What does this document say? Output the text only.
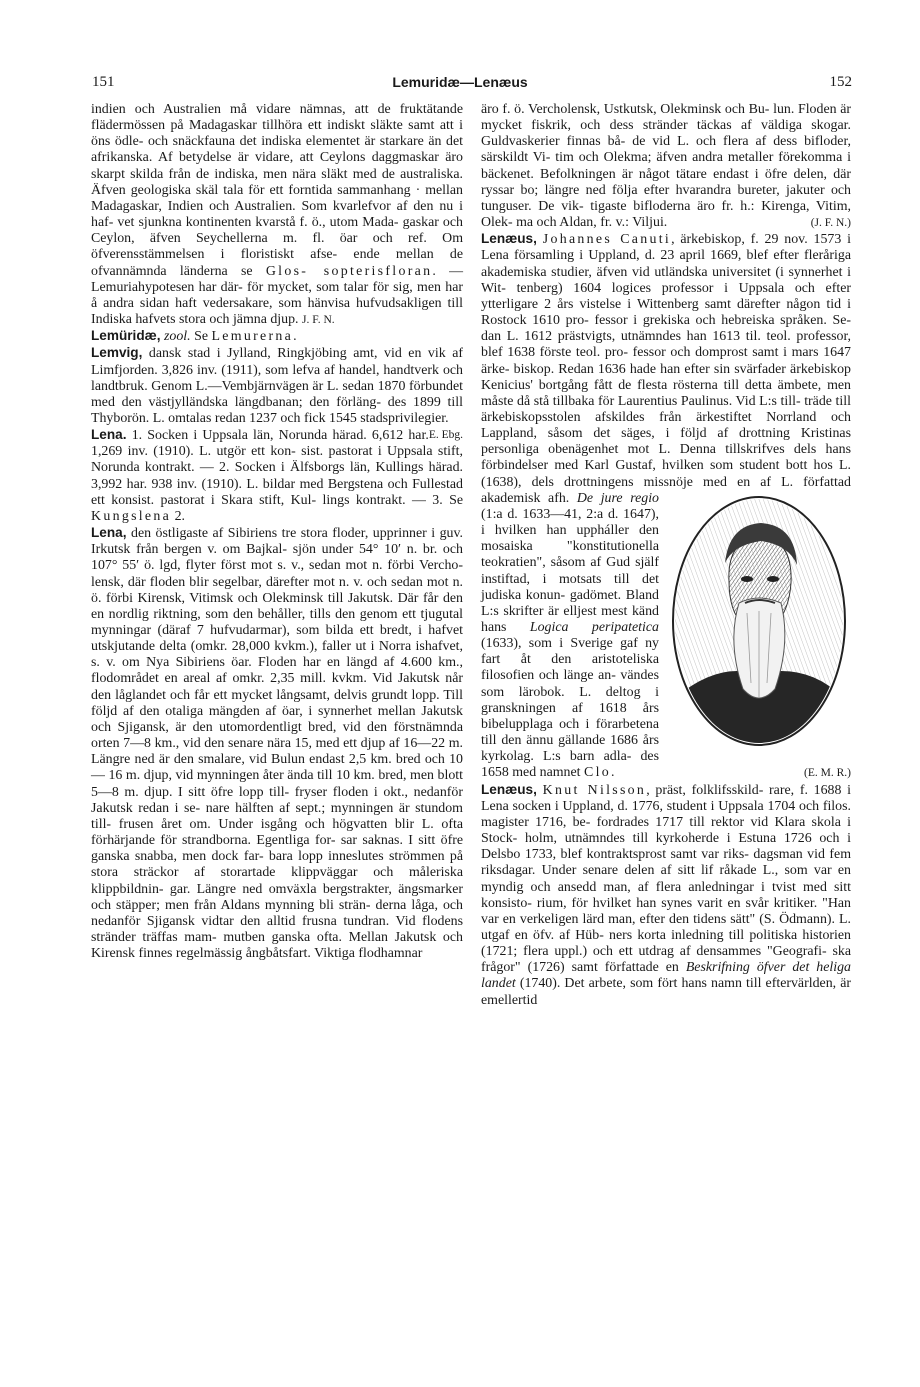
151	Lemuridæ—Lenæus	152

indien och Australien må vidare nämnas, att de fruktätande flädermössen på Madagaskar tillhöra ett indiskt släkte samt att i öns ödle- och snäckfauna det indiska elementet är starkare än det afrikanska. Af betydelse är vidare, att Ceylons daggmaskar äro skarpt skilda från de indiska, men nära släkt med de australiska. Äfven geologiska skäl tala för ett forntida sammanhang · mellan Madagaskar, Indien och Australien. Som kvarlefvor af den nu i haf- vet sjunkna kontinenten kvarstå f. ö., utom Mada- gaskar och Ceylon, äfven Seychellerna m. fl. öar och ref. Om öfverensstämmelsen i floristiskt afse- ende mellan de ofvannämnda länderna se Glos- sopterisfloran. — Lemuriahypotesen har där- för mycket, som talar för sig, men har å andra sidan haft vedersakare, som hänvisa hufvudsakligen till Indiska hafvets stora och jämna djup. J. F. N.

Lemüridæ, zool. Se Lemurerna.

Lemvig, dansk stad i Jylland, Ringkjöbing amt, vid en vik af Limfjorden. 3,826 inv. (1911), som lefva af handel, handtverk och landtbruk. Genom L.—Vembjärnvägen är L. sedan 1870 förbundet med den västjylländska längdbanan; den förläng- des 1899 till Thyborön. L. omtalas redan 1237 och fick 1545 stadsprivilegier.
E. Ebg.

Lena. 1. Socken i Uppsala län, Norunda härad. 6,612 har. 1,269 inv. (1910). L. utgör ett kon- sist. pastorat i Uppsala stift, Norunda kontrakt. — 2. Socken i Älfsborgs län, Kullings härad. 3,992 har. 938 inv. (1910). L. bildar med Bergstena och Fullestad ett konsist. pastorat i Skara stift, Kul- lings kontrakt. — 3. Se Kungslena 2.

Lena, den östligaste af Sibiriens tre stora floder, upprinner i guv. Irkutsk från bergen v. om Bajkal- sjön under 54° 10′ n. br. och 107° 55′ ö. lgd, flyter först mot s. v., sedan mot n. förbi Vercho- lensk, där floden blir segelbar, därefter mot n. v. och sedan mot n. ö. förbi Kirensk, Vitimsk och Olekminsk till Jakutsk. Där får den en nordlig riktning, som den behåller, tills den genom ett tjugutal mynningar (däraf 7 hufvudarmar), som bilda ett bredt, i hafvet utskjutande delta (omkr. 28,000 kvkm.), faller ut i Norra ishafvet, s. v. om Nya Sibiriens öar. Floden har en längd af 4.600 km., flodområdet en areal af omkr. 2,35 mill. kvkm. Vid Jakutsk når den låglandet och får ett mycket långsamt, delvis grundt lopp. Till följd af den otaliga mängden af öar, i synnerhet mellan Jakutsk och Sjigansk, är den utomordentligt bred, vid den förstnämnda orten 7—8 km., vid den senare nära 15, med ett djup af 16—22 m. Längre ned är den smalare, vid Bulun endast 2,5 km. bred och 10— 16 m. djup, vid mynningen åter ända till 10 km. bred, men blott 5—8 m. djup. I sitt öfre lopp till- fryser floden i okt., nedanför Jakutsk redan i se- nare hälften af sept.; mynningen är stundom till- frusen året om. Under isgång och högvatten blir L. ofta förhärjande för strandborna. Egentliga for- sar saknas. I sitt öfre ganska snabba, men dock far- bara lopp inneslutes strömmen på stora sträckor af storartade klippväggar och måleriska klippbildnin- gar. Längre ned omväxla bergstrakter, ängsmarker och stäpper; men från Aldans mynning bli strän- derna låga, och nedanför Sjigansk vidtar den alltid frusna tundran. Vid flodens stränder träffas mam- mutben ganska ofta. Mellan Jakutsk och Kirensk finnes regelmässig ångbåtsfart. Viktiga flodhamnar

äro f. ö. Vercholensk, Ustkutsk, Olekminsk och Bu- lun. Floden är mycket fiskrik, och dess stränder täckas af väldiga skogar. Guldvaskerier finnas bå- de vid L. och flera af dess bifloder, särskildt Vi- tim och Olekma; äfven andra metaller förekomma i bäckenet. Befolkningen är något tätare endast i öfre delen, där ryssar bo; längre ned följa efter hvarandra bureter, jakuter och tunguser. De vik- tigaste bifloderna äro fr. h.: Kirenga, Vitim, Olek- ma och Aldan, fr. v.: Viljui.	(J. F. N.)

Lenæus, Johannes Canuti, ärkebiskop, f. 29 nov. 1573 i Lena församling i Uppland, d. 23 april 1669, blef efter fleråriga akademiska studier, äfven vid utländska universitet (i synnerhet i Wit- tenberg) 1604 logices professor i Uppsala och efter ytterligare 2 års vistelse i Wittenberg samt därefter någon tid i Rostock 1610 pro- fessor i grekiska och hebreiska språken. Se- dan L. 1612 prästvigts, utnämndes han 1613 til. teol. professor, blef 1638 förste teol. pro- fessor och domprost samt i mars 1647 ärke- biskop. Redan 1636 hade han efter sin svärfader ärkebiskop Kenicius' bortgång fått de flesta rösterna till detta ämbete, men måste då stå tillbaka för Laurentius Paulinus. Vid L:s till- träde till ärkebiskopsstolen afskildes från ärkestiftet Norrland och Lappland, såsom det säges, i följd af drottning Kristinas personliga obenägenhet mot L. Denna tillskrifves dels hans förbindelser med Karl Gustaf, hvilken som student bott hos L. (1638), dels drottningens missnöje med en af L. författad akademisk afh.
De jure regio (1:a d. 1633—41, 2:a d. 1647), i hvilken han uppháller den mosaiska "konstitutionella teokratien", såsom af Gud själf instiftad, i motsats till det judiska konun- gadömet. Bland L:s skrifter är elljest mest känd hans Logica peripatetica (1633), som i Sverige gaf ny fart åt den aristoteliska filosofien och länge an- vändes som lärobok. L. deltog i granskningen af 1618 års bibelupplaga och i förarbetena till den ännu gällande 1686 års kyrkolag. L:s barn adla- des 1658 med namnet Clo.	(E. M. R.)

Lenæus, Knut Nilsson, präst, folklifsskild- rare, f. 1688 i Lena socken i Uppland, d. 1776, student i Uppsala 1704 och filos. magister 1716, be- fordrades 1717 till rektor vid Klara skola i Stock- holm, utnämndes till kyrkoherde i Estuna 1726 och i Delsbo 1733, blef kontraktsprost samt var riks- dagsman vid fem riksdagar. Under senare delen af sitt lif råkade L., som var en myndig och ansedd man, af flera anledningar i tvist med sitt konsisto- rium, för hvilket han synes varit en svår kritiker. "Han var en verkeligen lärd man, efter den tidens sätt" (S. Ödmann). L. utgaf en öfv. af Hüb- ners korta inledning till politiska historien (1721; flera uppl.) och ett utdrag af densammes "Geografi- ska frågor" (1726) samt författade en Beskrifning öfver det heliga landet (1740). Det arbete, som fört hans namn till eftervärlden, är emellertid
